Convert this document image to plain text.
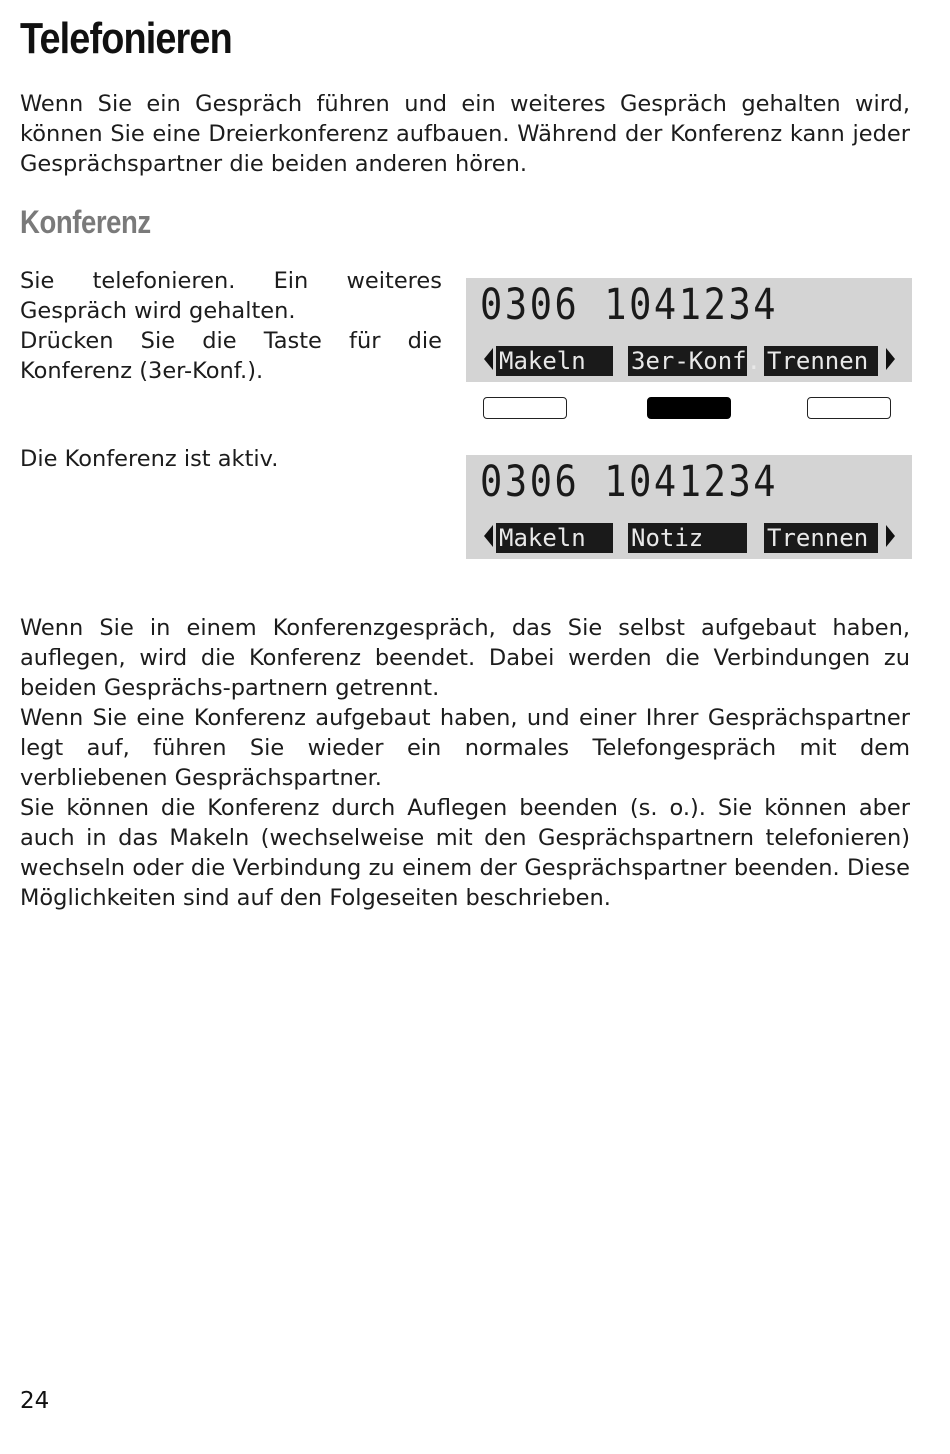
Telefonieren

Wenn Sie ein Gespräch führen und ein weiteres Gespräch gehalten wird, können Sie eine Dreierkonferenz aufbauen. Während der Konferenz kann jeder Gesprächspartner die beiden anderen hören.

Konferenz
Sie telefonieren. Ein weiteres Gespräch wird gehalten.
Drücken Sie die Taste für die Konferenz (3er-Konf.).
0306 1041234
Makeln	3er-Konf. Trennen
Die Konferenz ist aktiv.	0306 1041234
Makeln	Notiz	Trennen

Wenn Sie in einem Konferenzgespräch, das Sie selbst aufgebaut haben, auflegen, wird die Konferenz beendet. Dabei werden die Verbindungen zu beiden Gesprächs-partnern getrennt.

Wenn Sie eine Konferenz aufgebaut haben, und einer Ihrer Gesprächspartner legt auf, führen Sie wieder ein normales Telefongespräch mit dem verbliebenen Gesprächspartner.

Sie können die Konferenz durch Auflegen beenden (s. o.). Sie können aber auch in das Makeln (wechselweise mit den Gesprächspartnern telefonieren) wechseln oder die Verbindung zu einem der Gesprächspartner beenden. Diese Möglichkeiten sind auf den Folgeseiten beschrieben.

24
